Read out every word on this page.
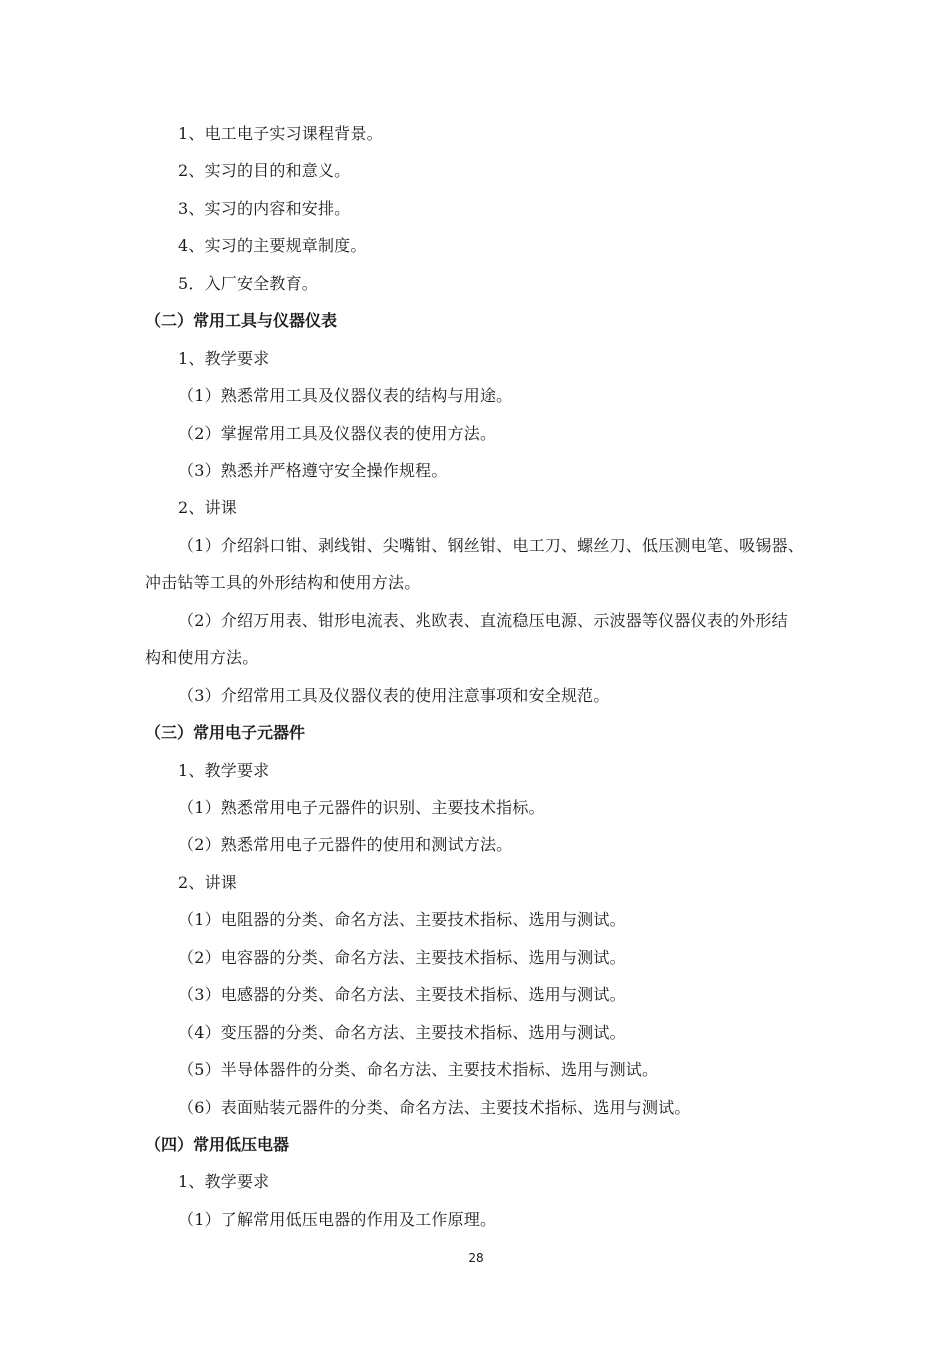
1、电工电子实习课程背景。
2、实习的目的和意义。
3、实习的内容和安排。
4、实习的主要规章制度。
5．入厂安全教育。
（二）常用工具与仪器仪表
1、教学要求
（1）熟悉常用工具及仪器仪表的结构与用途。
（2）掌握常用工具及仪器仪表的使用方法。
（3）熟悉并严格遵守安全操作规程。
2、讲课
（1）介绍斜口钳、剥线钳、尖嘴钳、钢丝钳、电工刀、螺丝刀、低压测电笔、吸锡器、
冲击钻等工具的外形结构和使用方法。
（2）介绍万用表、钳形电流表、兆欧表、直流稳压电源、示波器等仪器仪表的外形结
构和使用方法。
（3）介绍常用工具及仪器仪表的使用注意事项和安全规范。
（三）常用电子元器件
1、教学要求
（1）熟悉常用电子元器件的识别、主要技术指标。
（2）熟悉常用电子元器件的使用和测试方法。
2、讲课
（1）电阻器的分类、命名方法、主要技术指标、选用与测试。
（2）电容器的分类、命名方法、主要技术指标、选用与测试。
（3）电感器的分类、命名方法、主要技术指标、选用与测试。
（4）变压器的分类、命名方法、主要技术指标、选用与测试。
（5）半导体器件的分类、命名方法、主要技术指标、选用与测试。
（6）表面贴装元器件的分类、命名方法、主要技术指标、选用与测试。
（四）常用低压电器
1、教学要求
（1）了解常用低压电器的作用及工作原理。
28
